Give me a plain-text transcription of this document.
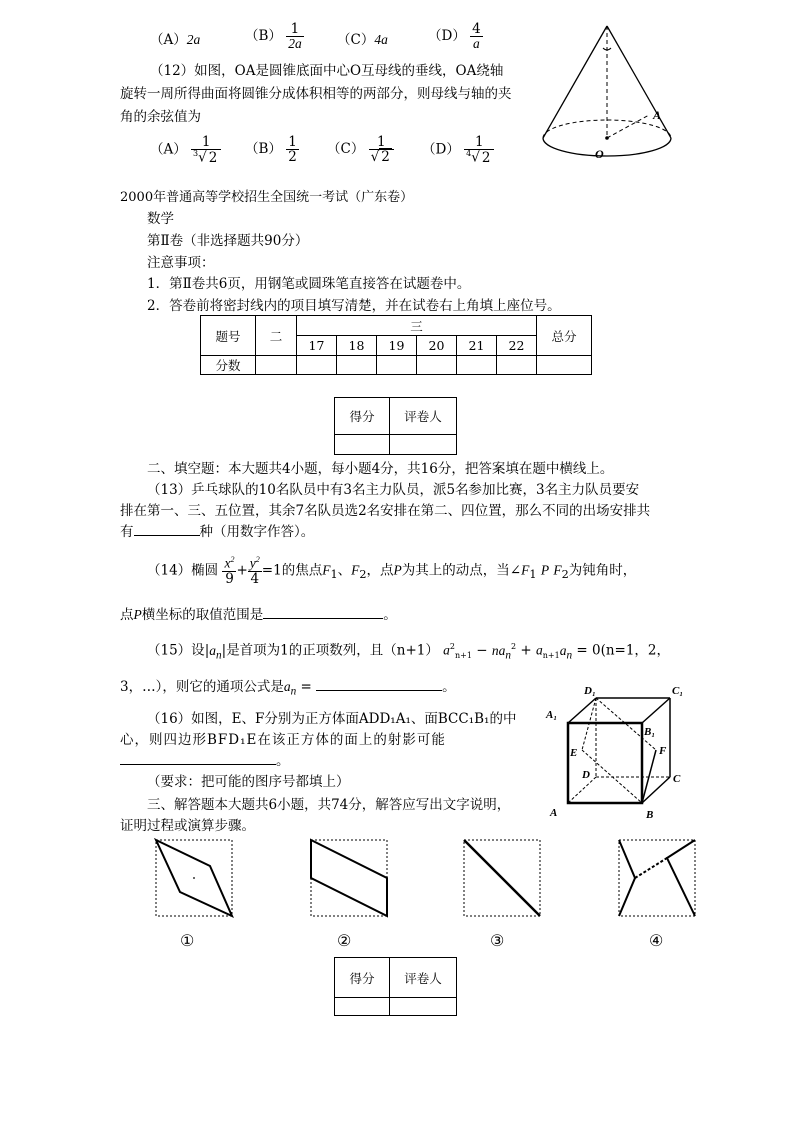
（A）2a	$(B) \frac{1}{2a} (C)4a$	$(D) \frac{4}{a}$
（12）如图，OA是圆锥底面中心O互母线的垂线，OA绕轴
旋转一周所得曲面将圆锥分成体积相等的两部分，则母线与轴的夹
角的余弦值为
$(A) \frac{1}{^3√ 2} (B) \frac{1}{2} (C) \frac{1}{√ 2} (D) \frac{1}{^4√ 2}$
A
O
2000年普通高等学校招生全国统一考试（广东卷）
数学
第Ⅱ卷（非选择题共90分）
注意事项：
1．第Ⅱ卷共6页，用钢笔或圆珠笔直接答在试题卷中。
2．答卷前将密封线内的项目填写清楚，并在试卷右上角填上座位号。
题号	二	三						总分
		17	18	19	20	21	22	
分数								
得分	评卷人

二、填空题：本大题共4小题，每小题4分，共16分，把答案填在题中横线上。
（13）乒乓球队的10名队员中有3名主力队员，派5名参加比赛，3名主力队员要安
排在第一、三、五位置，其余7名队员选2名安排在第二、四位置，那么不同的出场安排共
有	种（用数字作答）。
（14）椭圆 $\frac{x^2}{9} + \frac{y^2}{4} =1$的焦点$F_1$、$F_2$，点P为其上的动点，当$\angle F_1$ P $F_2$为钝角时，
点P横坐标的取值范围是	。
（15）设$|a_n|$是首项为1的正项数列，且（n+1） $a^2_{n+1} - na_n^2 + a_{n+1}a_n = 0(n=1$，2，
3，…），则它的通项公式是$a_n$ =	。
（16）如图，E、F分别为正方体面ADD₁A₁、面BCC₁B₁的中
心，则四边形BFD₁E在该正方体的面上的射影可能
。
（要求：把可能的图序号都填上）
三、解答题本大题共6小题，共74分，解答应写出文字说明，
证明过程或演算步骤。
D₁	C₁
A₁
B₁
E	F
D	C
A	B
①	②	③	④
得分	评卷人
